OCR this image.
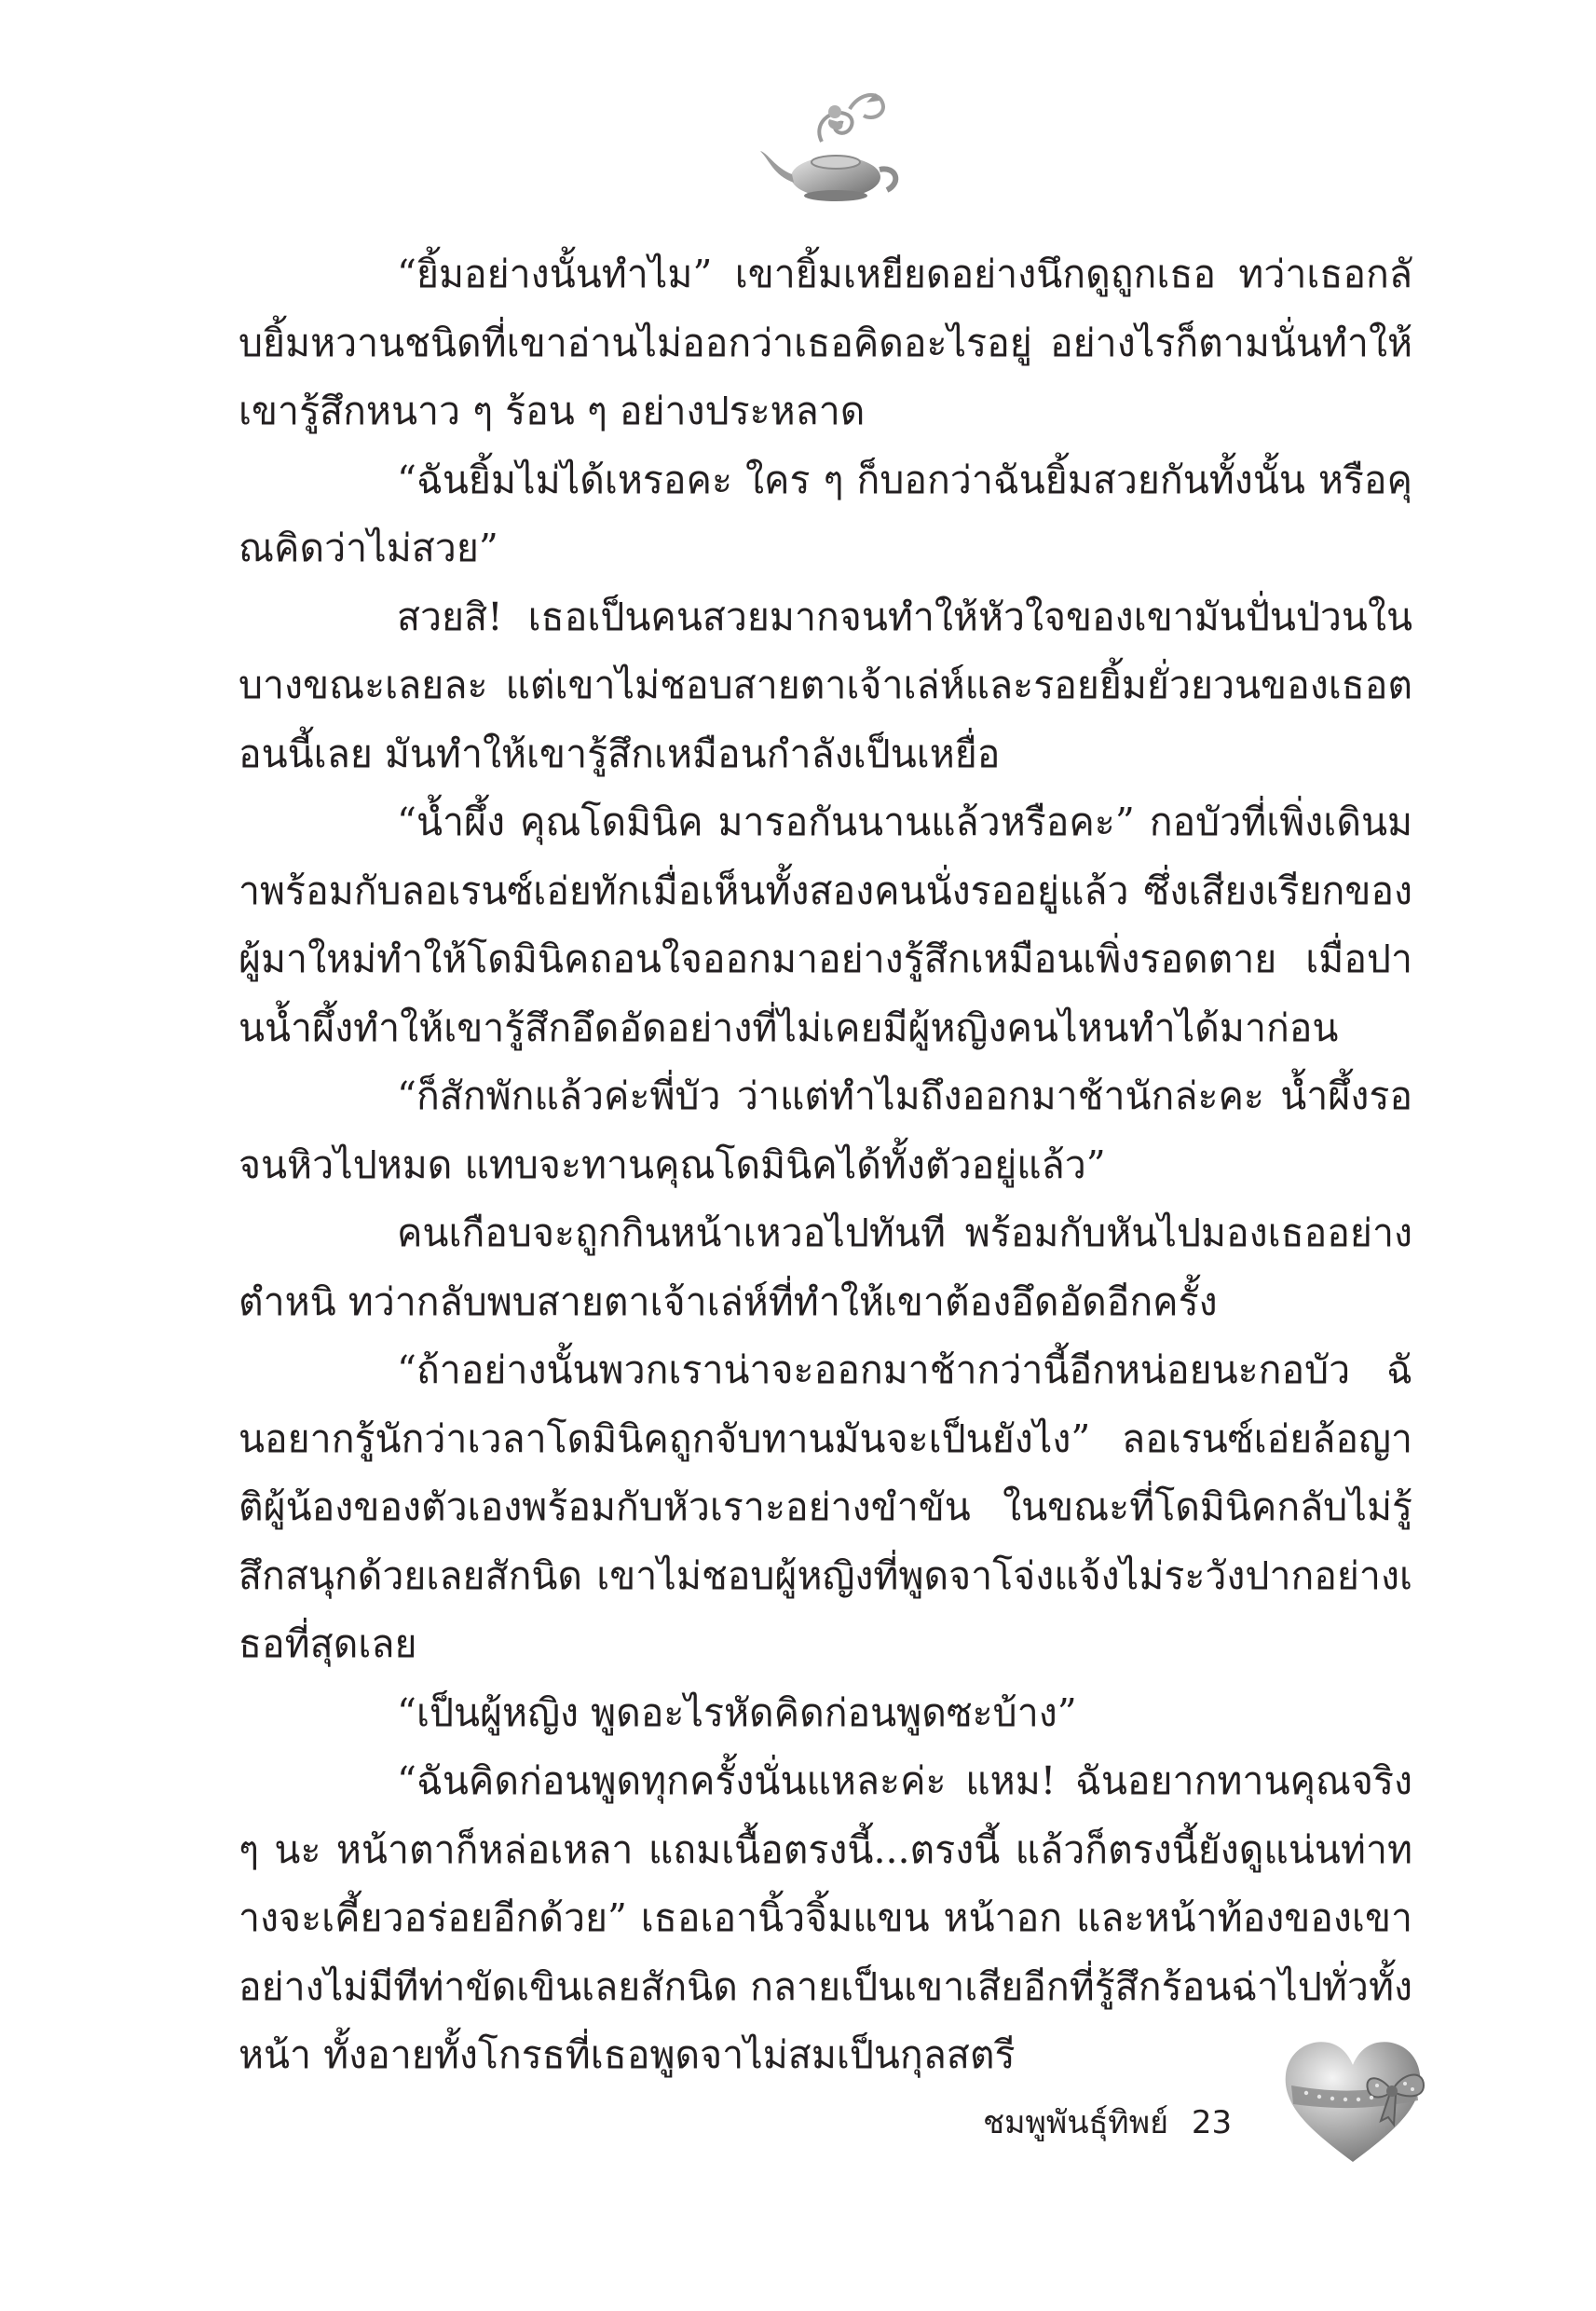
“ยิ้มอย่างนั้นทำไม” เขายิ้มเหยียดอย่างนึกดูถูกเธอ ทว่าเธอกลับยิ้มหวานชนิดที่เขาอ่านไม่ออกว่าเธอคิดอะไรอยู่ อย่างไรก็ตามนั่นทำให้เขารู้สึกหนาว ๆ ร้อน ๆ อย่างประหลาด

“ฉันยิ้มไม่ได้เหรอคะ ใคร ๆ ก็บอกว่าฉันยิ้มสวยกันทั้งนั้น หรือคุณคิดว่าไม่สวย”

สวยสิ! เธอเป็นคนสวยมากจนทำให้หัวใจของเขามันปั่นป่วนในบางขณะเลยละ แต่เขาไม่ชอบสายตาเจ้าเล่ห์และรอยยิ้มยั่วยวนของเธอตอนนี้เลย มันทำให้เขารู้สึกเหมือนกำลังเป็นเหยื่อ

“น้ำผึ้ง คุณโดมินิค มารอกันนานแล้วหรือคะ” กอบัวที่เพิ่งเดินมาพร้อมกับลอเรนซ์เอ่ยทักเมื่อเห็นทั้งสองคนนั่งรออยู่แล้ว ซึ่งเสียงเรียกของผู้มาใหม่ทำให้โดมินิคถอนใจออกมาอย่างรู้สึกเหมือนเพิ่งรอดตาย เมื่อปานน้ำผึ้งทำให้เขารู้สึกอึดอัดอย่างที่ไม่เคยมีผู้หญิงคนไหนทำได้มาก่อน

“ก็สักพักแล้วค่ะพี่บัว ว่าแต่ทำไมถึงออกมาช้านักล่ะคะ น้ำผึ้งรอจนหิวไปหมด แทบจะทานคุณโดมินิคได้ทั้งตัวอยู่แล้ว”

คนเกือบจะถูกกินหน้าเหวอไปทันที พร้อมกับหันไปมองเธออย่างตำหนิ ทว่ากลับพบสายตาเจ้าเล่ห์ที่ทำให้เขาต้องอึดอัดอีกครั้ง

“ถ้าอย่างนั้นพวกเราน่าจะออกมาช้ากว่านี้อีกหน่อยนะกอบัว ฉันอยากรู้นักว่าเวลาโดมินิคถูกจับทานมันจะเป็นยังไง” ลอเรนซ์เอ่ยล้อญาติผู้น้องของตัวเองพร้อมกับหัวเราะอย่างขำขัน ในขณะที่โดมินิคกลับไม่รู้สึกสนุกด้วยเลยสักนิด เขาไม่ชอบผู้หญิงที่พูดจาโจ่งแจ้งไม่ระวังปากอย่างเธอที่สุดเลย

“เป็นผู้หญิง พูดอะไรหัดคิดก่อนพูดซะบ้าง”

“ฉันคิดก่อนพูดทุกครั้งนั่นแหละค่ะ แหม! ฉันอยากทานคุณจริง ๆ นะ หน้าตาก็หล่อเหลา แถมเนื้อตรงนี้...ตรงนี้ แล้วก็ตรงนี้ยังดูแน่นท่าทางจะเคี้ยวอร่อยอีกด้วย” เธอเอานิ้วจิ้มแขน หน้าอก และหน้าท้องของเขาอย่างไม่มีทีท่าขัดเขินเลยสักนิด กลายเป็นเขาเสียอีกที่รู้สึกร้อนฉ่าไปทั่วทั้งหน้า ทั้งอายทั้งโกรธที่เธอพูดจาไม่สมเป็นกุลสตรี

ชมพูพันธุ์ทิพย์ 23
